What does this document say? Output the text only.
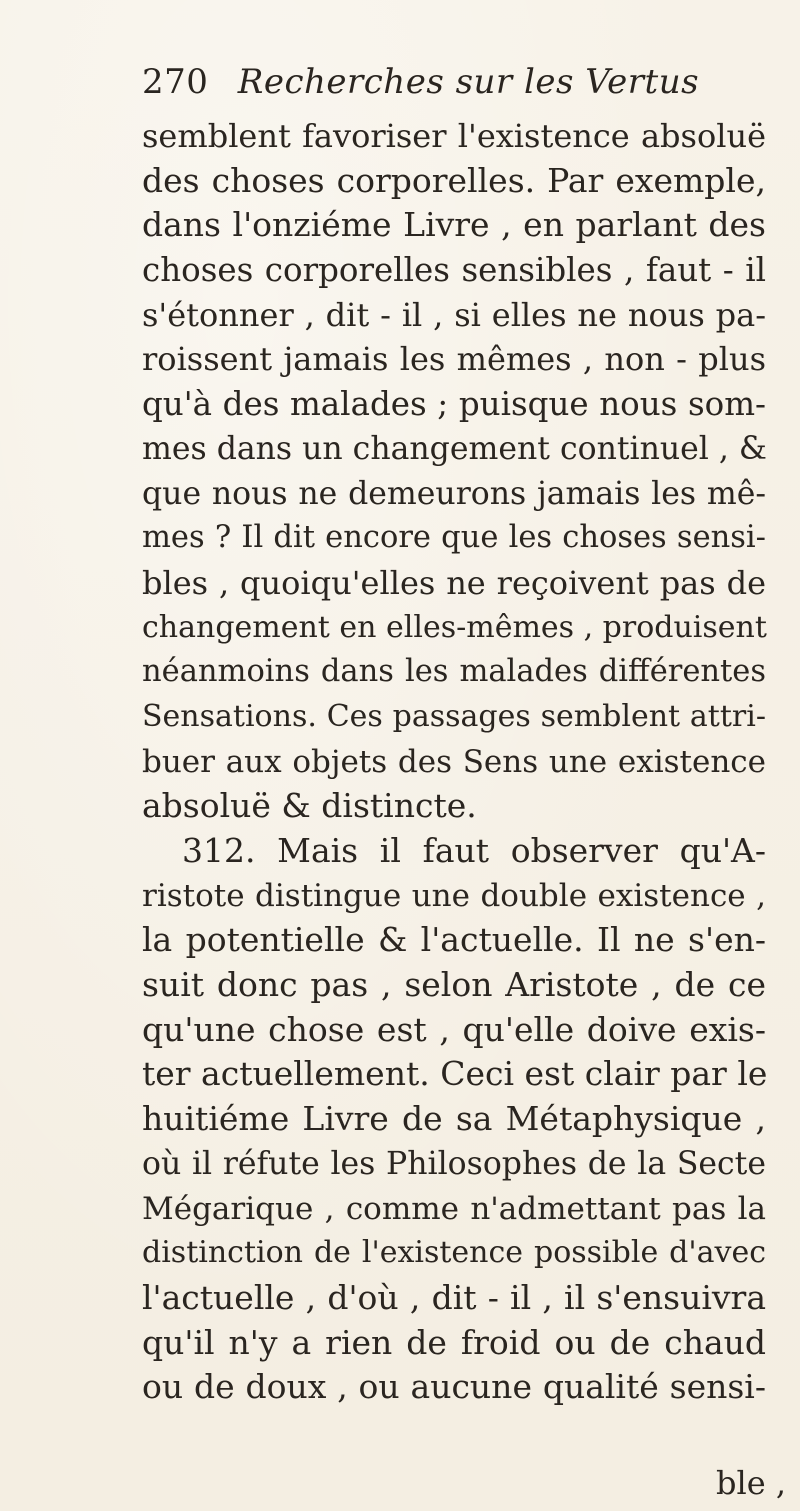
270 Recherches sur les Vertus
semblent favoriser l'existence absoluë
des choses corporelles. Par exemple,
dans l'onziéme Livre , en parlant des
choses corporelles sensibles , faut - il
s'étonner , dit - il , si elles ne nous pa-
roissent jamais les mêmes , non - plus
qu'à des malades ; puisque nous som-
mes dans un changement continuel , &
que nous ne demeurons jamais les mê-
mes ? Il dit encore que les choses sensi-
bles , quoiqu'elles ne reçoivent pas de
changement en elles-mêmes , produisent
néanmoins dans les malades différentes
Sensations. Ces passages semblent attri-
buer aux objets des Sens une existence
absoluë & distincte.
312. Mais il faut observer qu'A-
ristote distingue une double existence ,
la potentielle & l'actuelle. Il ne s'en-
suit donc pas , selon Aristote , de ce
qu'une chose est , qu'elle doive exis-
ter actuellement. Ceci est clair par le
huitiéme Livre de sa Métaphysique ,
où il réfute les Philosophes de la Secte
Mégarique , comme n'admettant pas la
distinction de l'existence possible d'avec
l'actuelle , d'où , dit - il , il s'ensuivra
qu'il n'y a rien de froid ou de chaud
ou de doux , ou aucune qualité sensi-
ble ,
